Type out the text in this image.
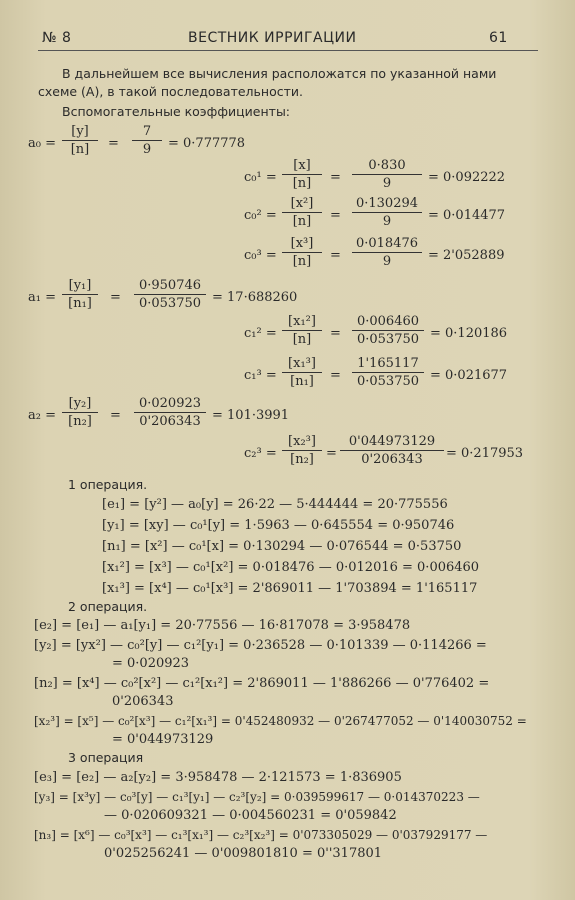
№ 8	ВЕСТНИК ИРРИГАЦИИ	61
В дальнейшем все вычисления расположатся по указанной нами
схеме (A), в такой последовательности.
Вспомогательные коэффициенты:
a₀ =
[y]
[n]	=
7
9	= 0·777778
c₀¹ =
[x]
[n]	=
0·830
9	= 0·092222
c₀² =
[x²]
[n]	=
0·130294
9	= 0·014477
c₀³ =
[x³]
[n]	=
0·018476
9	= 2'052889
a₁ =
[y₁]
[n₁]	=
0·950746
0·053750 = 17·688260
c₁² =
[x₁²]
[n]	=
0·006460
0·053750 = 0·120186
c₁³ =
[x₁³]
[n₁]	=
1'165117
0·053750 = 0·021677
a₂ =
[y₂]
[n₂]	=
0·020923
0'206343 = 101·3991
c₂³ =
[x₂³]
[n₂] =
0'044973129
0'206343	= 0·217953
1 операция.
[e₁] = [y²] — a₀[y] = 26·22 — 5·444444 = 20·775556
[y₁] = [xy] — c₀¹[y] = 1·5963 — 0·645554 = 0·950746
[n₁] = [x²] — c₀¹[x] = 0·130294 — 0·076544 = 0·53750
[x₁²] = [x³] — c₀¹[x²] = 0·018476 — 0·012016 = 0·006460
[x₁³] = [x⁴] — c₀¹[x³] = 2'869011 — 1'703894 = 1'165117
2 операция.
[e₂] = [e₁] — a₁[y₁] = 20·77556 — 16·817078 = 3·958478
[y₂] = [yx²] — c₀²[y] — c₁²[y₁] = 0·236528 — 0·101339 — 0·114266 =
= 0·020923
[n₂] = [x⁴] — c₀²[x²] — c₁²[x₁²] = 2'869011 — 1'886266 — 0'776402 =
0'206343
[x₂³] = [x⁵] — c₀²[x³] — c₁²[x₁³] = 0'452480932 — 0'267477052 — 0'140030752 =
= 0'044973129
3 операция
[e₃] = [e₂] — a₂[y₂] = 3·958478 — 2·121573 = 1·836905
[y₃] = [x³y] — c₀³[y] — c₁³[y₁] — c₂³[y₂] = 0·039599617 — 0·014370223 —
— 0·020609321 — 0·004560231 = 0'059842
[n₃] = [x⁶] — c₀³[x³] — c₁³[x₁³] — c₂³[x₂³] = 0'073305029 — 0'037929177 —
0'025256241 — 0'009801810 = 0''317801
